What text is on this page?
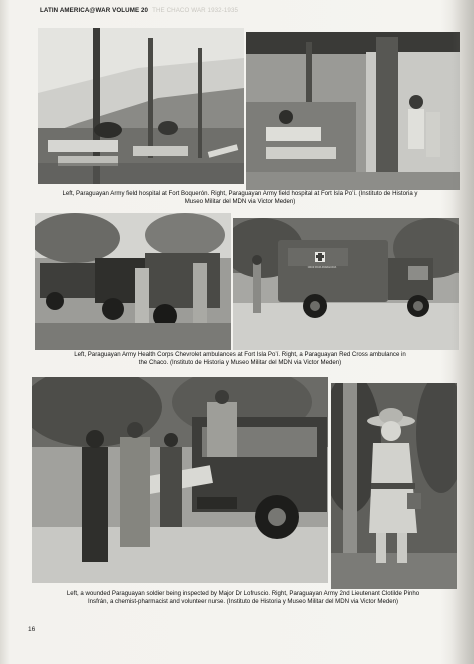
LATIN AMERICA@WAR VOLUME 20 THE CHACO WAR 1932-1935
Left, Paraguayan Army field hospital at Fort Boquerón. Right, Paraguayan Army field hospital at Fort Isla Po’í. (Instituto de Historia y Museo Militar del MDN via Victor Meden)
CRUZ ROJA PARAGUAYA
Left, Paraguayan Army Health Corps Chevrolet ambulances at Fort Isla Po’í. Right, a Paraguayan Red Cross ambulance in the Chaco. (Instituto de Historia y Museo Militar del MDN via Victor Meden)
Left, a wounded Paraguayan soldier being inspected by Major Dr Lofruscio. Right, Paraguayan Army 2nd Lieutenant Clotilde Pinho Insfrán, a chemist-pharmacist and volunteer nurse. (Instituto de Historia y Museo Militar del MDN via Victor Meden)
16
